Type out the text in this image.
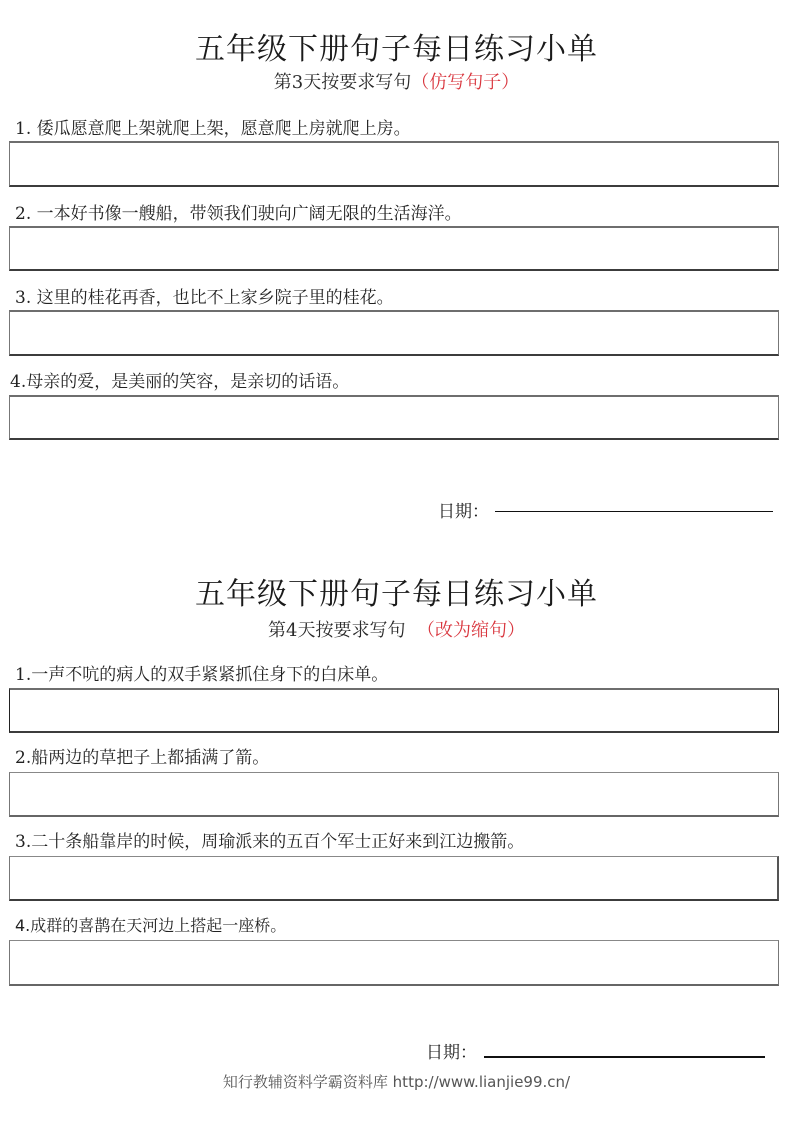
五年级下册句子每日练习小单
第3天按要求写句（仿写句子）
1. 倭瓜愿意爬上架就爬上架，愿意爬上房就爬上房。
2. 一本好书像一艘船，带领我们驶向广阔无限的生活海洋。
3. 这里的桂花再香，也比不上家乡院子里的桂花。
4.母亲的爱，是美丽的笑容，是亲切的话语。
日期：
五年级下册句子每日练习小单
第4天按要求写句 （改为缩句）
1.一声不吭的病人的双手紧紧抓住身下的白床单。
2.船两边的草把子上都插满了箭。
3.二十条船靠岸的时候，周瑜派来的五百个军士正好来到江边搬箭。
4.成群的喜鹊在天河边上搭起一座桥。
日期：
知行教辅资料学霸资料库 http://www.lianjie99.cn/
